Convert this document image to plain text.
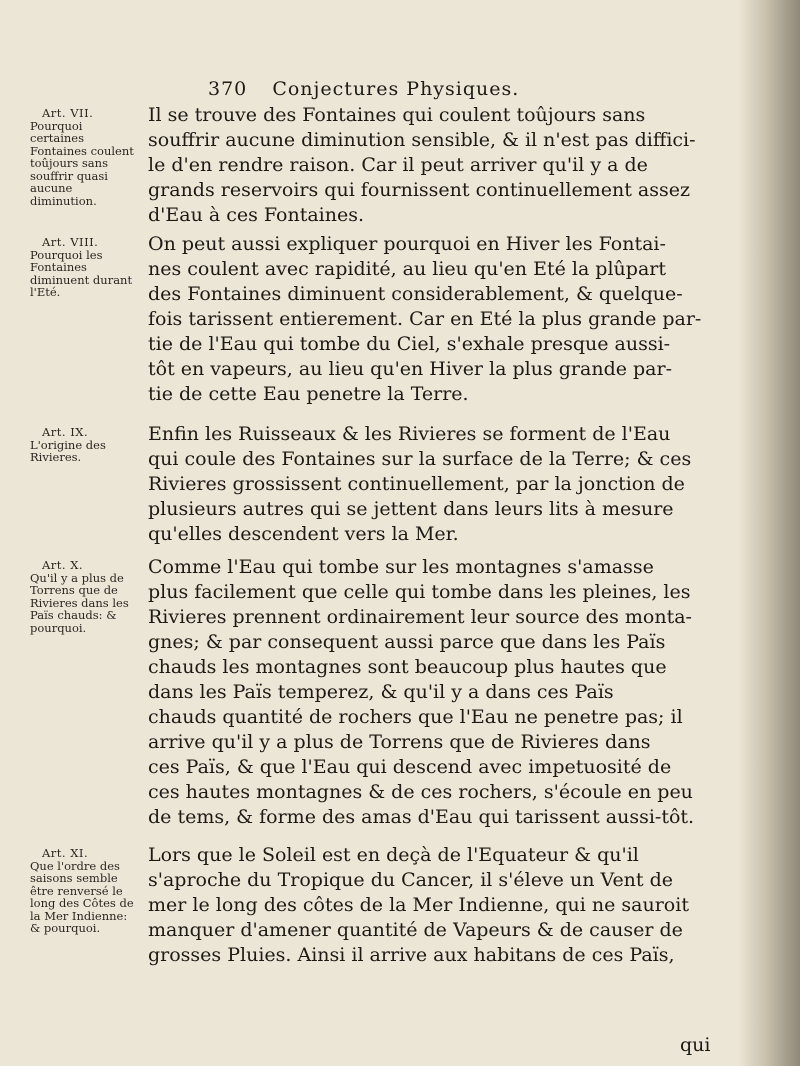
370 Conjectures Physiques.
Art. VII.
Pourquoi certaines Fontaines coulent toûjours sans souffrir quasi aucune diminution.
Il se trouve des Fontaines qui coulent toûjours sans
souffrir aucune diminution sensible, & il n'est pas diffici-
le d'en rendre raison. Car il peut arriver qu'il y a de
grands reservoirs qui fournissent continuellement assez
d'Eau à ces Fontaines.
Art. VIII.
Pourquoi les Fontaines diminuent durant l'Eté.
On peut aussi expliquer pourquoi en Hiver les Fontai-
nes coulent avec rapidité, au lieu qu'en Eté la plûpart
des Fontaines diminuent considerablement, & quelque-
fois tarissent entierement. Car en Eté la plus grande par-
tie de l'Eau qui tombe du Ciel, s'exhale presque aussi-
tôt en vapeurs, au lieu qu'en Hiver la plus grande par-
tie de cette Eau penetre la Terre.
Art. IX.
L'origine des Rivieres.
Enfin les Ruisseaux & les Rivieres se forment de l'Eau
qui coule des Fontaines sur la surface de la Terre; & ces
Rivieres grossissent continuellement, par la jonction de
plusieurs autres qui se jettent dans leurs lits à mesure
qu'elles descendent vers la Mer.
Art. X.
Qu'il y a plus de Torrens que de Rivieres dans les Païs chauds: & pourquoi.
Comme l'Eau qui tombe sur les montagnes s'amasse
plus facilement que celle qui tombe dans les pleines, les
Rivieres prennent ordinairement leur source des monta-
gnes; & par consequent aussi parce que dans les Païs
chauds les montagnes sont beaucoup plus hautes que
dans les Païs temperez, & qu'il y a dans ces Païs
chauds quantité de rochers que l'Eau ne penetre pas; il
arrive qu'il y a plus de Torrens que de Rivieres dans
ces Païs, & que l'Eau qui descend avec impetuosité de
ces hautes montagnes & de ces rochers, s'écoule en peu
de tems, & forme des amas d'Eau qui tarissent aussi-tôt.
Art. XI.
Que l'ordre des saisons semble être renversé le long des Côtes de la Mer Indienne: & pourquoi.
Lors que le Soleil est en deçà de l'Equateur & qu'il
s'aproche du Tropique du Cancer, il s'éleve un Vent de
mer le long des côtes de la Mer Indienne, qui ne sauroit
manquer d'amener quantité de Vapeurs & de causer de
grosses Pluies. Ainsi il arrive aux habitans de ces Païs,
qui
